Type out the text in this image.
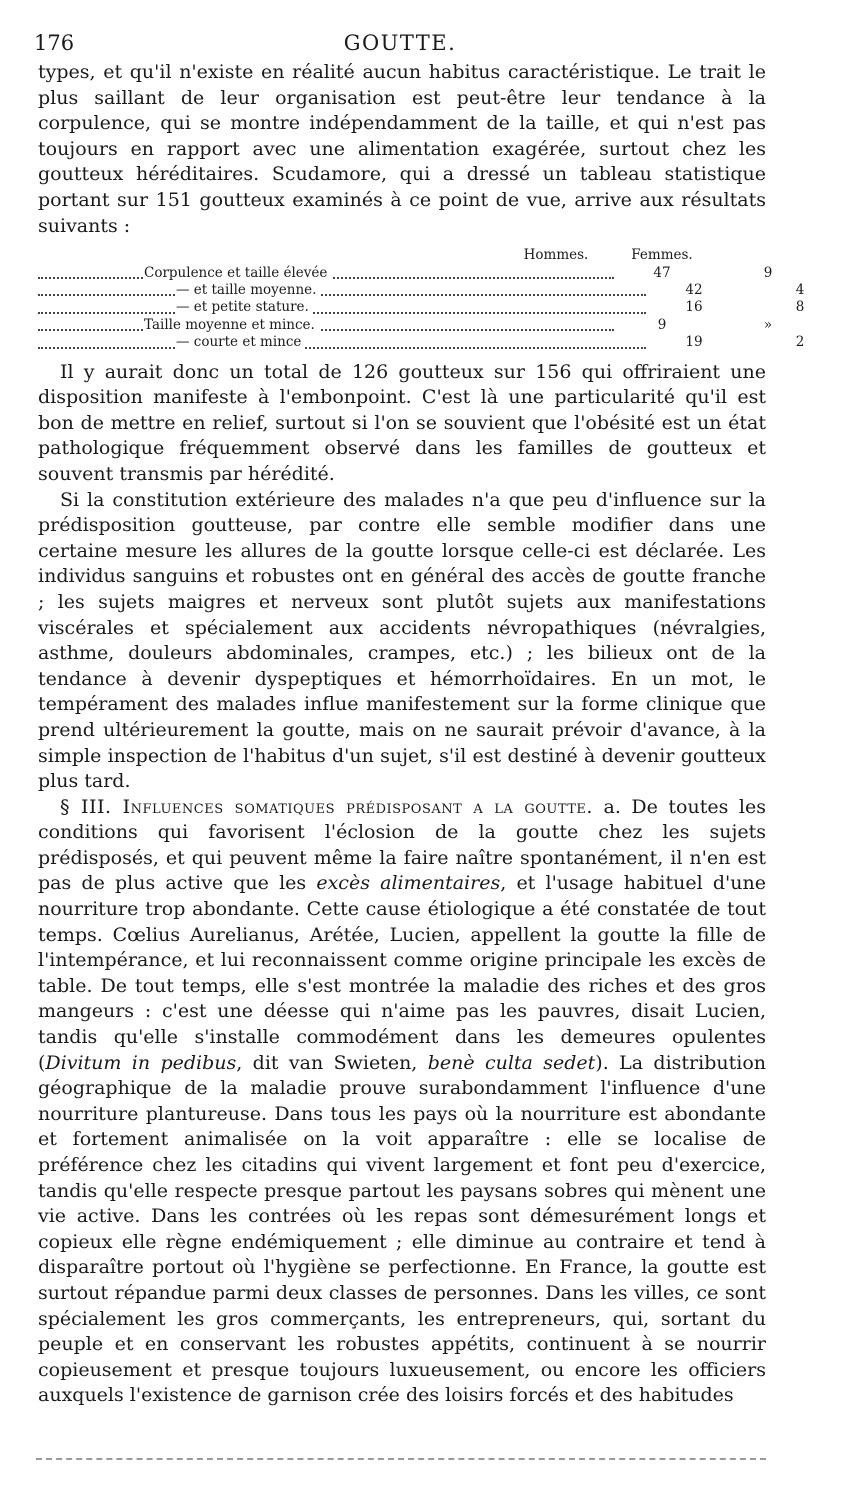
176	GOUTTE.

types, et qu'il n'existe en réalité aucun habitus caractéristique. Le trait le plus saillant de leur organisation est peut-être leur tendance à la corpulence, qui se montre indépendamment de la taille, et qui n'est pas toujours en rapport avec une alimentation exagérée, surtout chez les goutteux héréditaires. Scudamore, qui a dressé un tableau statistique portant sur 151 goutteux examinés à ce point de vue, arrive aux résultats suivants :

Hommes.	Femmes.
Corpulence et taille élevée	47	9
— et taille moyenne.	42	4
— et petite stature.	16	8
Taille moyenne et mince.	9	»
— courte et mince	19	2

Il y aurait donc un total de 126 goutteux sur 156 qui offriraient une disposition manifeste à l'embonpoint. C'est là une particularité qu'il est bon de mettre en relief, surtout si l'on se souvient que l'obésité est un état pathologique fréquemment observé dans les familles de goutteux et souvent transmis par hérédité.

Si la constitution extérieure des malades n'a que peu d'influence sur la prédisposition goutteuse, par contre elle semble modifier dans une certaine mesure les allures de la goutte lorsque celle-ci est déclarée. Les individus sanguins et robustes ont en général des accès de goutte franche ; les sujets maigres et nerveux sont plutôt sujets aux manifestations viscérales et spécialement aux accidents névropathiques (névralgies, asthme, douleurs abdominales, crampes, etc.) ; les bilieux ont de la tendance à devenir dyspeptiques et hémorrhoïdaires. En un mot, le tempérament des malades influe manifestement sur la forme clinique que prend ultérieurement la goutte, mais on ne saurait prévoir d'avance, à la simple inspection de l'habitus d'un sujet, s'il est destiné à devenir goutteux plus tard.

§ III. Influences somatiques prédisposant a la goutte. a. De toutes les conditions qui favorisent l'éclosion de la goutte chez les sujets prédisposés, et qui peuvent même la faire naître spontanément, il n'en est pas de plus active que les excès alimentaires, et l'usage habituel d'une nourriture trop abondante. Cette cause étiologique a été constatée de tout temps. Cœlius Aurelianus, Arétée, Lucien, appellent la goutte la fille de l'intempérance, et lui reconnaissent comme origine principale les excès de table. De tout temps, elle s'est montrée la maladie des riches et des gros mangeurs : c'est une déesse qui n'aime pas les pauvres, disait Lucien, tandis qu'elle s'installe commodément dans les demeures opulentes (Divitum in pedibus, dit van Swieten, benè culta sedet). La distribution géographique de la maladie prouve surabondamment l'influence d'une nourriture plantureuse. Dans tous les pays où la nourriture est abondante et fortement animalisée on la voit apparaître : elle se localise de préférence chez les citadins qui vivent largement et font peu d'exercice, tandis qu'elle respecte presque partout les paysans sobres qui mènent une vie active. Dans les contrées où les repas sont démesurément longs et copieux elle règne endémiquement ; elle diminue au contraire et tend à disparaître portout où l'hygiène se perfectionne. En France, la goutte est surtout répandue parmi deux classes de personnes. Dans les villes, ce sont spécialement les gros commerçants, les entrepreneurs, qui, sortant du peuple et en conservant les robustes appétits, continuent à se nourrir copieusement et presque toujours luxueusement, ou encore les officiers auxquels l'existence de garnison crée des loisirs forcés et des habitudes
